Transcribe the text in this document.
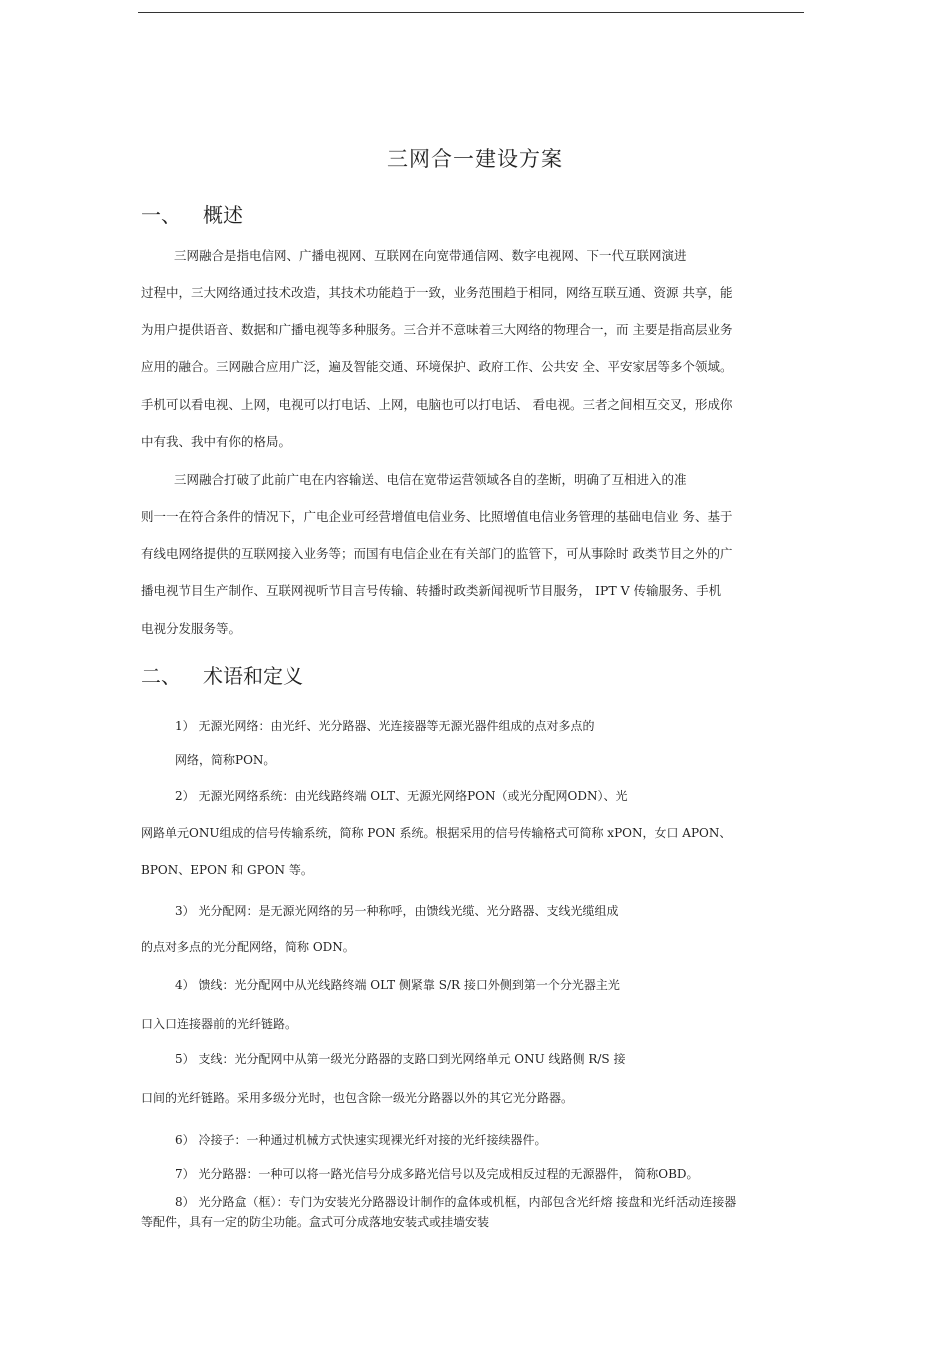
三网合一建设方案
一、 概述
三网融合是指电信网、广播电视网、互联网在向宽带通信网、数字电视网、下一代互联网演进
过程中，三大网络通过技术改造，其技术功能趋于一致，业务范围趋于相同，网络互联互通、资源 共享，能
为用户提供语音、数据和广播电视等多种服务。三合并不意味着三大网络的物理合一，而 主要是指高层业务
应用的融合。三网融合应用广泛，遍及智能交通、环境保护、政府工作、公共安 全、平安家居等多个领域。
手机可以看电视、上网，电视可以打电话、上网，电脑也可以打电话、 看电视。三者之间相互交叉，形成你
中有我、我中有你的格局。
三网融合打破了此前广电在内容输送、电信在宽带运营领域各自的垄断，明确了互相进入的准
则一一在符合条件的情况下，广电企业可经营增值电信业务、比照增值电信业务管理的基础电信业 务、基于
有线电网络提供的互联网接入业务等；而国有电信企业在有关部门的监管下，可从事除时 政类节目之外的广
播电视节目生产制作、互联网视听节目言号传输、转播时政类新闻视听节目服务， IPT V 传输服务、手机
电视分发服务等。
二、 术语和定义
1） 无源光网络：由光纤、光分路器、光连接器等无源光器件组成的点对多点的
网络，简称PON。
2） 无源光网络系统：由光线路终端 OLT、无源光网络PON（或光分配网ODN）、光
网路单元ONU组成的信号传输系统，简称 PON 系统。根据采用的信号传输格式可简称 xPON，女口 APON、
BPON、EPON 和 GPON 等。
3） 光分配网：是无源光网络的另一种称呼，由馈线光缆、光分路器、支线光缆组成
的点对多点的光分配网络，简称 ODN。
4） 馈线：光分配网中从光线路终端 OLT 侧紧靠 S/R 接口外侧到第一个分光器主光
口入口连接器前的光纤链路。
5） 支线：光分配网中从第一级光分路器的支路口到光网络单元 ONU 线路侧 R/S 接
口间的光纤链路。采用多级分光时，也包含除一级光分路器以外的其它光分路器。
6） 冷接子：一种通过机械方式快速实现裸光纤对接的光纤接续器件。
7） 光分路器：一种可以将一路光信号分成多路光信号以及完成相反过程的无源器件， 简称OBD。
8） 光分路盒（框）：专门为安装光分路器设计制作的盒体或机框，内部包含光纤熔 接盘和光纤活动连接器
等配件，具有一定的防尘功能。盒式可分成落地安装式或挂墙安装
